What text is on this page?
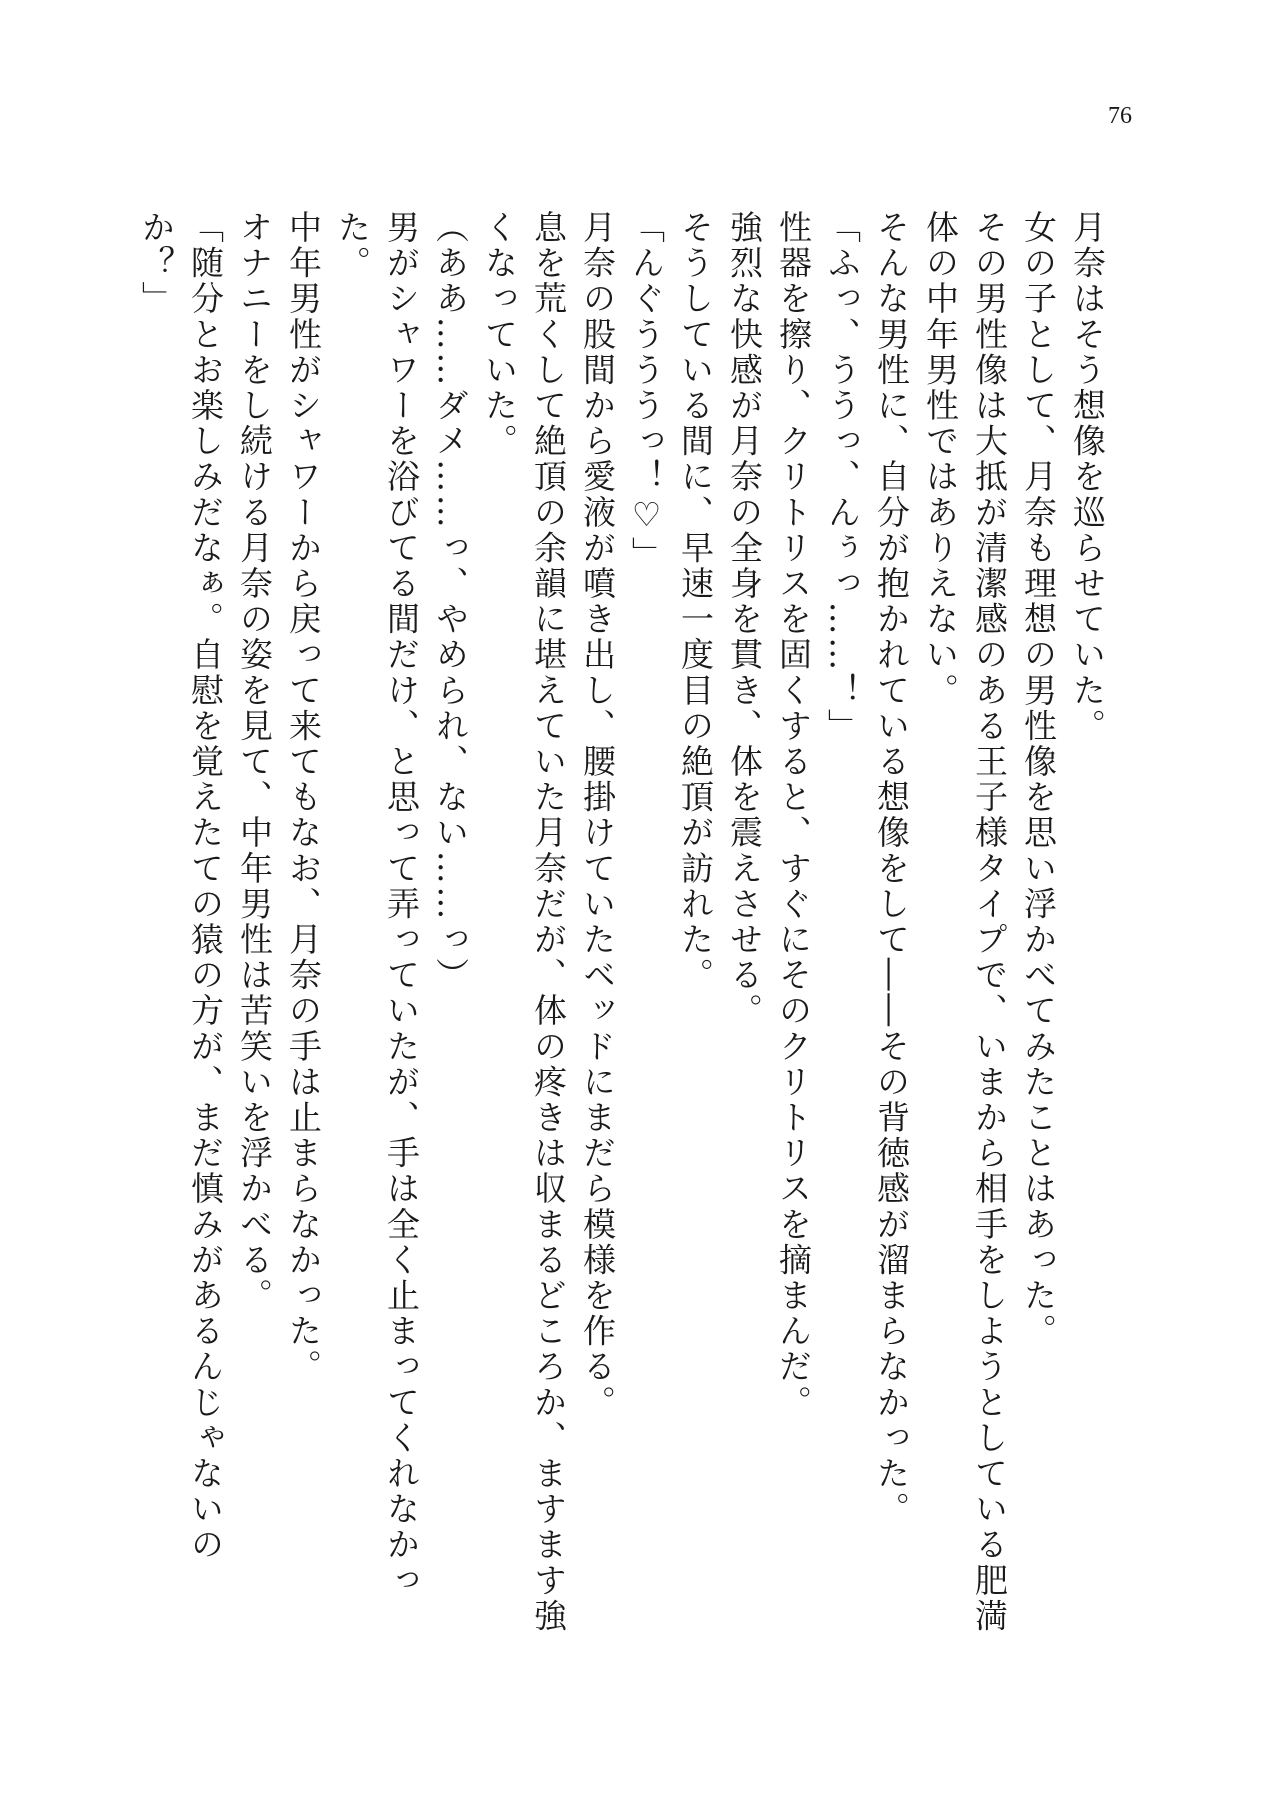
76

月奈はそう想像を巡らせていた。

女の子として、月奈も理想の男性像を思い浮かべてみたことはあった。

その男性像は大抵が清潔感のある王子様タイプで、いまから相手をしようとしている肥満体の中年男性ではありえない。

そんな男性に、自分が抱かれている想像をして――その背徳感が溜まらなかった。

「ふっ、ううっ、んぅっ……！」

性器を擦り、クリトリスを固くすると、すぐにそのクリトリスを摘まんだ。

強烈な快感が月奈の全身を貫き、体を震えさせる。

そうしている間に、早速一度目の絶頂が訪れた。

「んぐうううっ！♡」

月奈の股間から愛液が噴き出し、腰掛けていたベッドにまだら模様を作る。

息を荒くして絶頂の余韻に堪えていた月奈だが、体の疼きは収まるどころか、ますます強くなっていた。

（ああ……ダメ……っ、やめられ、ない……っ）

男がシャワーを浴びてる間だけ、と思って弄っていたが、手は全く止まってくれなかった。

中年男性がシャワーから戻って来てもなお、月奈の手は止まらなかった。

オナニーをし続ける月奈の姿を見て、中年男性は苦笑いを浮かべる。

「随分とお楽しみだなぁ。自慰を覚えたての猿の方が、まだ慎みがあるんじゃないのか？」
